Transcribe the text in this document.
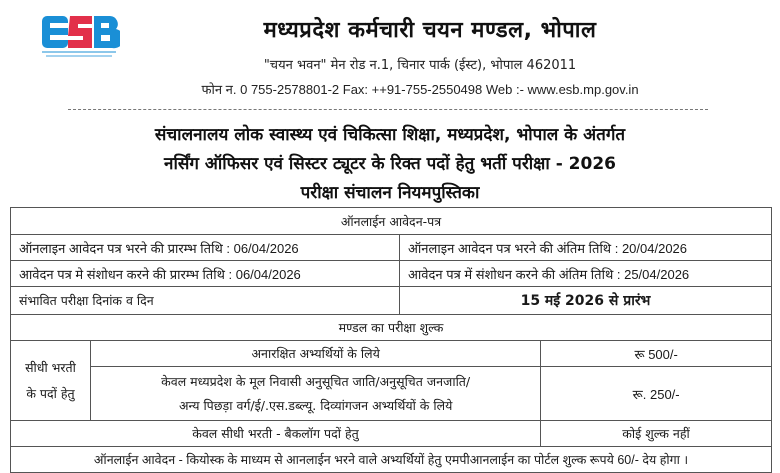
मध्यप्रदेश कर्मचारी चयन मण्डल, भोपाल
"चयन भवन" मेन रोड न.1, चिनार पार्क (ईस्ट), भोपाल 462011
फोन न. 0 755-2578801-2 Fax: ++91-755-2550498 Web :- www.esb.mp.gov.in
संचालनालय लोक स्वास्थ्य एवं चिकित्सा शिक्षा, मध्यप्रदेश, भोपाल के अंतर्गत
नर्सिंग ऑफिसर एवं सिस्टर ट्यूटर के रिक्त पदों हेतु भर्ती परीक्षा - 2026
परीक्षा संचालन नियमपुस्तिका
ऑनलाईन आवेदन-पत्र
ऑनलाइन आवेदन पत्र भरने की प्रारम्भ तिथि : 06/04/2026	ऑनलाइन आवेदन पत्र भरने की अंतिम तिथि : 20/04/2026
आवेदन पत्र मे संशोधन करने की प्रारम्भ तिथि : 06/04/2026	आवेदन पत्र में संशोधन करने की अंतिम तिथि : 25/04/2026
संभावित परीक्षा दिनांक व दिन	15 मई 2026 से प्रारंभ
मण्डल का परीक्षा शुल्क
सीधी भरती
के पदों हेतु
अनारक्षित अभ्यर्थियों के लिये	रू 500/-
केवल मध्यप्रदेश के मूल निवासी अनुसूचित जाति/अनुसूचित जनजाति/
अन्य पिछड़ा वर्ग/ई/.एस.डब्ल्यू. दिव्यांगजन अभ्यर्थियों के लिये
रू. 250/-
केवल सीधी भरती - बैकलॉग पदों हेतु	कोई शुल्क नहीं
ऑनलाईन आवेदन - कियोस्क के माध्यम से आनलाईन भरने वाले अभ्यर्थियों हेतु एमपीआनलाईन का पोर्टल शुल्क रूपये 60/- देय होगा ।
